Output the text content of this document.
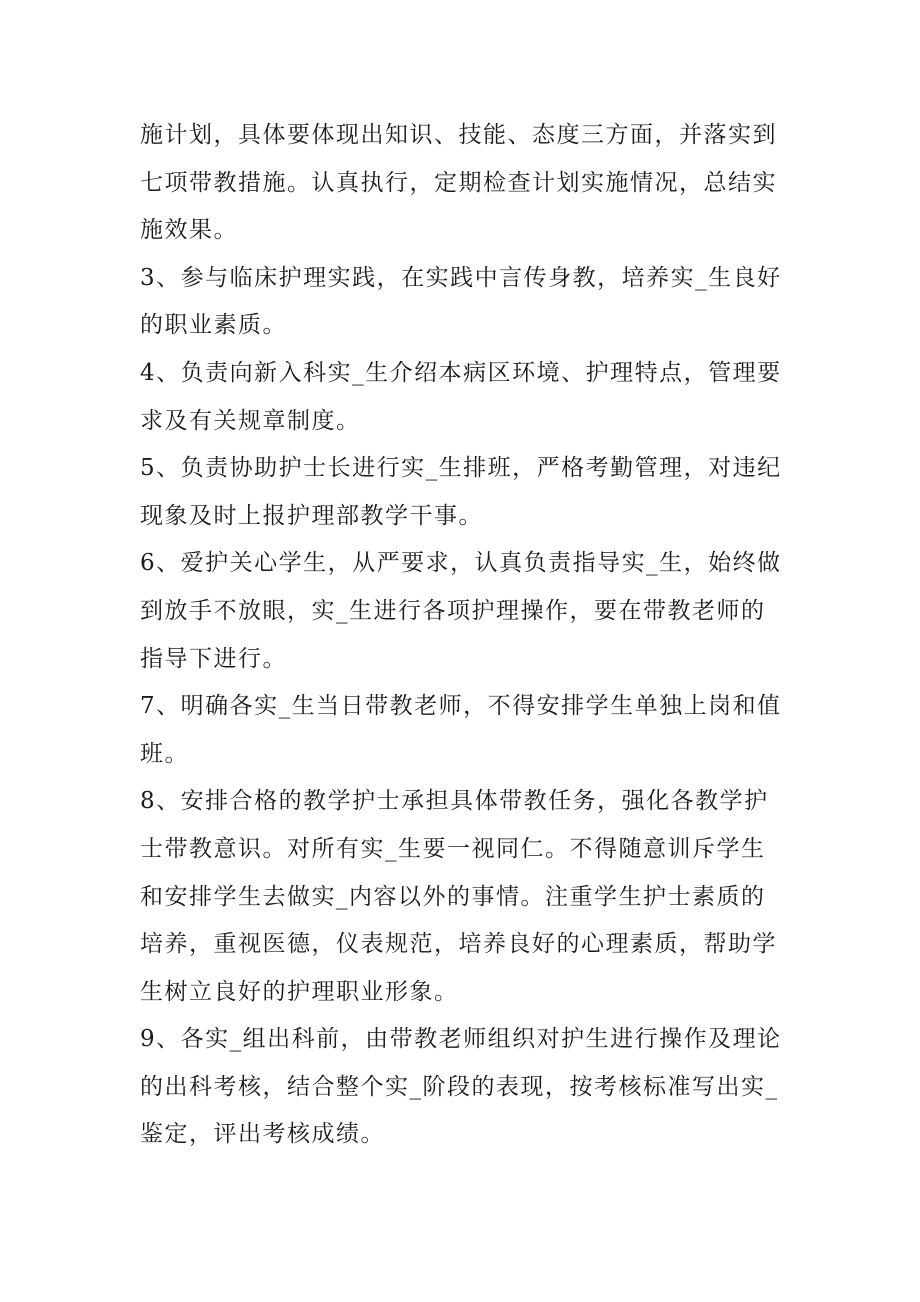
施计划，具体要体现出知识、技能、态度三方面，并落实到
七项带教措施。认真执行，定期检查计划实施情况，总结实
施效果。
3、参与临床护理实践，在实践中言传身教，培养实_生良好
的职业素质。
4、负责向新入科实_生介绍本病区环境、护理特点，管理要
求及有关规章制度。
5、负责协助护士长进行实_生排班，严格考勤管理，对违纪
现象及时上报护理部教学干事。
6、爱护关心学生，从严要求，认真负责指导实_生，始终做
到放手不放眼，实_生进行各项护理操作，要在带教老师的
指导下进行。
7、明确各实_生当日带教老师，不得安排学生单独上岗和值
班。
8、安排合格的教学护士承担具体带教任务，强化各教学护
士带教意识。对所有实_生要一视同仁。不得随意训斥学生
和安排学生去做实_内容以外的事情。注重学生护士素质的
培养，重视医德，仪表规范，培养良好的心理素质，帮助学
生树立良好的护理职业形象。
9、各实_组出科前，由带教老师组织对护生进行操作及理论
的出科考核，结合整个实_阶段的表现，按考核标准写出实_
鉴定，评出考核成绩。
